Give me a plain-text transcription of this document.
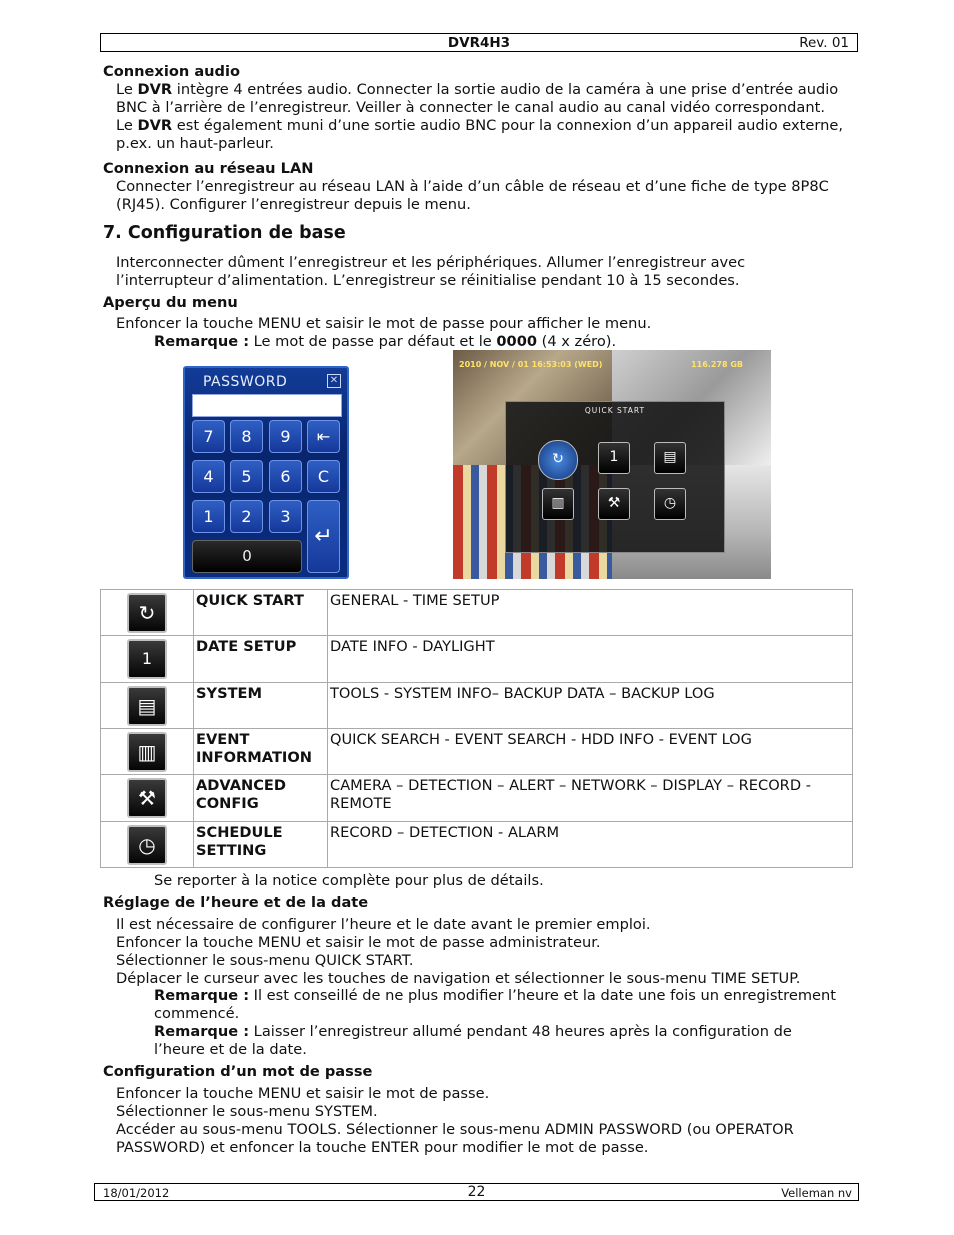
DVR4H3	Rev. 01
Connexion audio
Le DVR intègre 4 entrées audio. Connecter la sortie audio de la caméra à une prise d’entrée audio
BNC à l’arrière de l’enregistreur. Veiller à connecter le canal audio au canal vidéo correspondant.
Le DVR est également muni d’une sortie audio BNC pour la connexion d’un appareil audio externe,
p.ex. un haut-parleur.
Connexion au réseau LAN
Connecter l’enregistreur au réseau LAN à l’aide d’un câble de réseau et d’une fiche de type 8P8C
(RJ45). Configurer l’enregistreur depuis le menu.
7. Configuration de base
Interconnecter dûment l’enregistreur et les périphériques. Allumer l’enregistreur avec
l’interrupteur d’alimentation. L’enregistreur se réinitialise pendant 10 à 15 secondes.
Aperçu du menu
Enfoncer la touche MENU et saisir le mot de passe pour afficher le menu.
Remarque : Le mot de passe par défaut et le 0000 (4 x zéro).
PASSWORD	✕
7	8	9	⇤
4	5	6	C
1	2	3
0
↵
2010 / NOV / 01 16:53:03 (WED)	116.278 GB
QUICK START
↻	1	▤
▥	⚒	◷
↻	QUICK START	GENERAL - TIME SETUP
1	DATE SETUP	DATE INFO - DAYLIGHT
▤	SYSTEM	TOOLS - SYSTEM INFO– BACKUP DATA – BACKUP LOG
▥	EVENT INFORMATION	QUICK SEARCH - EVENT SEARCH - HDD INFO - EVENT LOG
⚒	ADVANCED CONFIG	CAMERA – DETECTION – ALERT – NETWORK – DISPLAY – RECORD - REMOTE
◷	SCHEDULE SETTING	RECORD – DETECTION - ALARM
Se reporter à la notice complète pour plus de détails.
Réglage de l’heure et de la date
Il est nécessaire de configurer l’heure et le date avant le premier emploi.
Enfoncer la touche MENU et saisir le mot de passe administrateur.
Sélectionner le sous-menu QUICK START.
Déplacer le curseur avec les touches de navigation et sélectionner le sous-menu TIME SETUP.
Remarque : Il est conseillé de ne plus modifier l’heure et la date une fois un enregistrement
commencé.
Remarque : Laisser l’enregistreur allumé pendant 48 heures après la configuration de
l’heure et de la date.
Configuration d’un mot de passe
Enfoncer la touche MENU et saisir le mot de passe.
Sélectionner le sous-menu SYSTEM.
Accéder au sous-menu TOOLS. Sélectionner le sous-menu ADMIN PASSWORD (ou OPERATOR
PASSWORD) et enfoncer la touche ENTER pour modifier le mot de passe.
18/01/2012	22	Velleman nv
